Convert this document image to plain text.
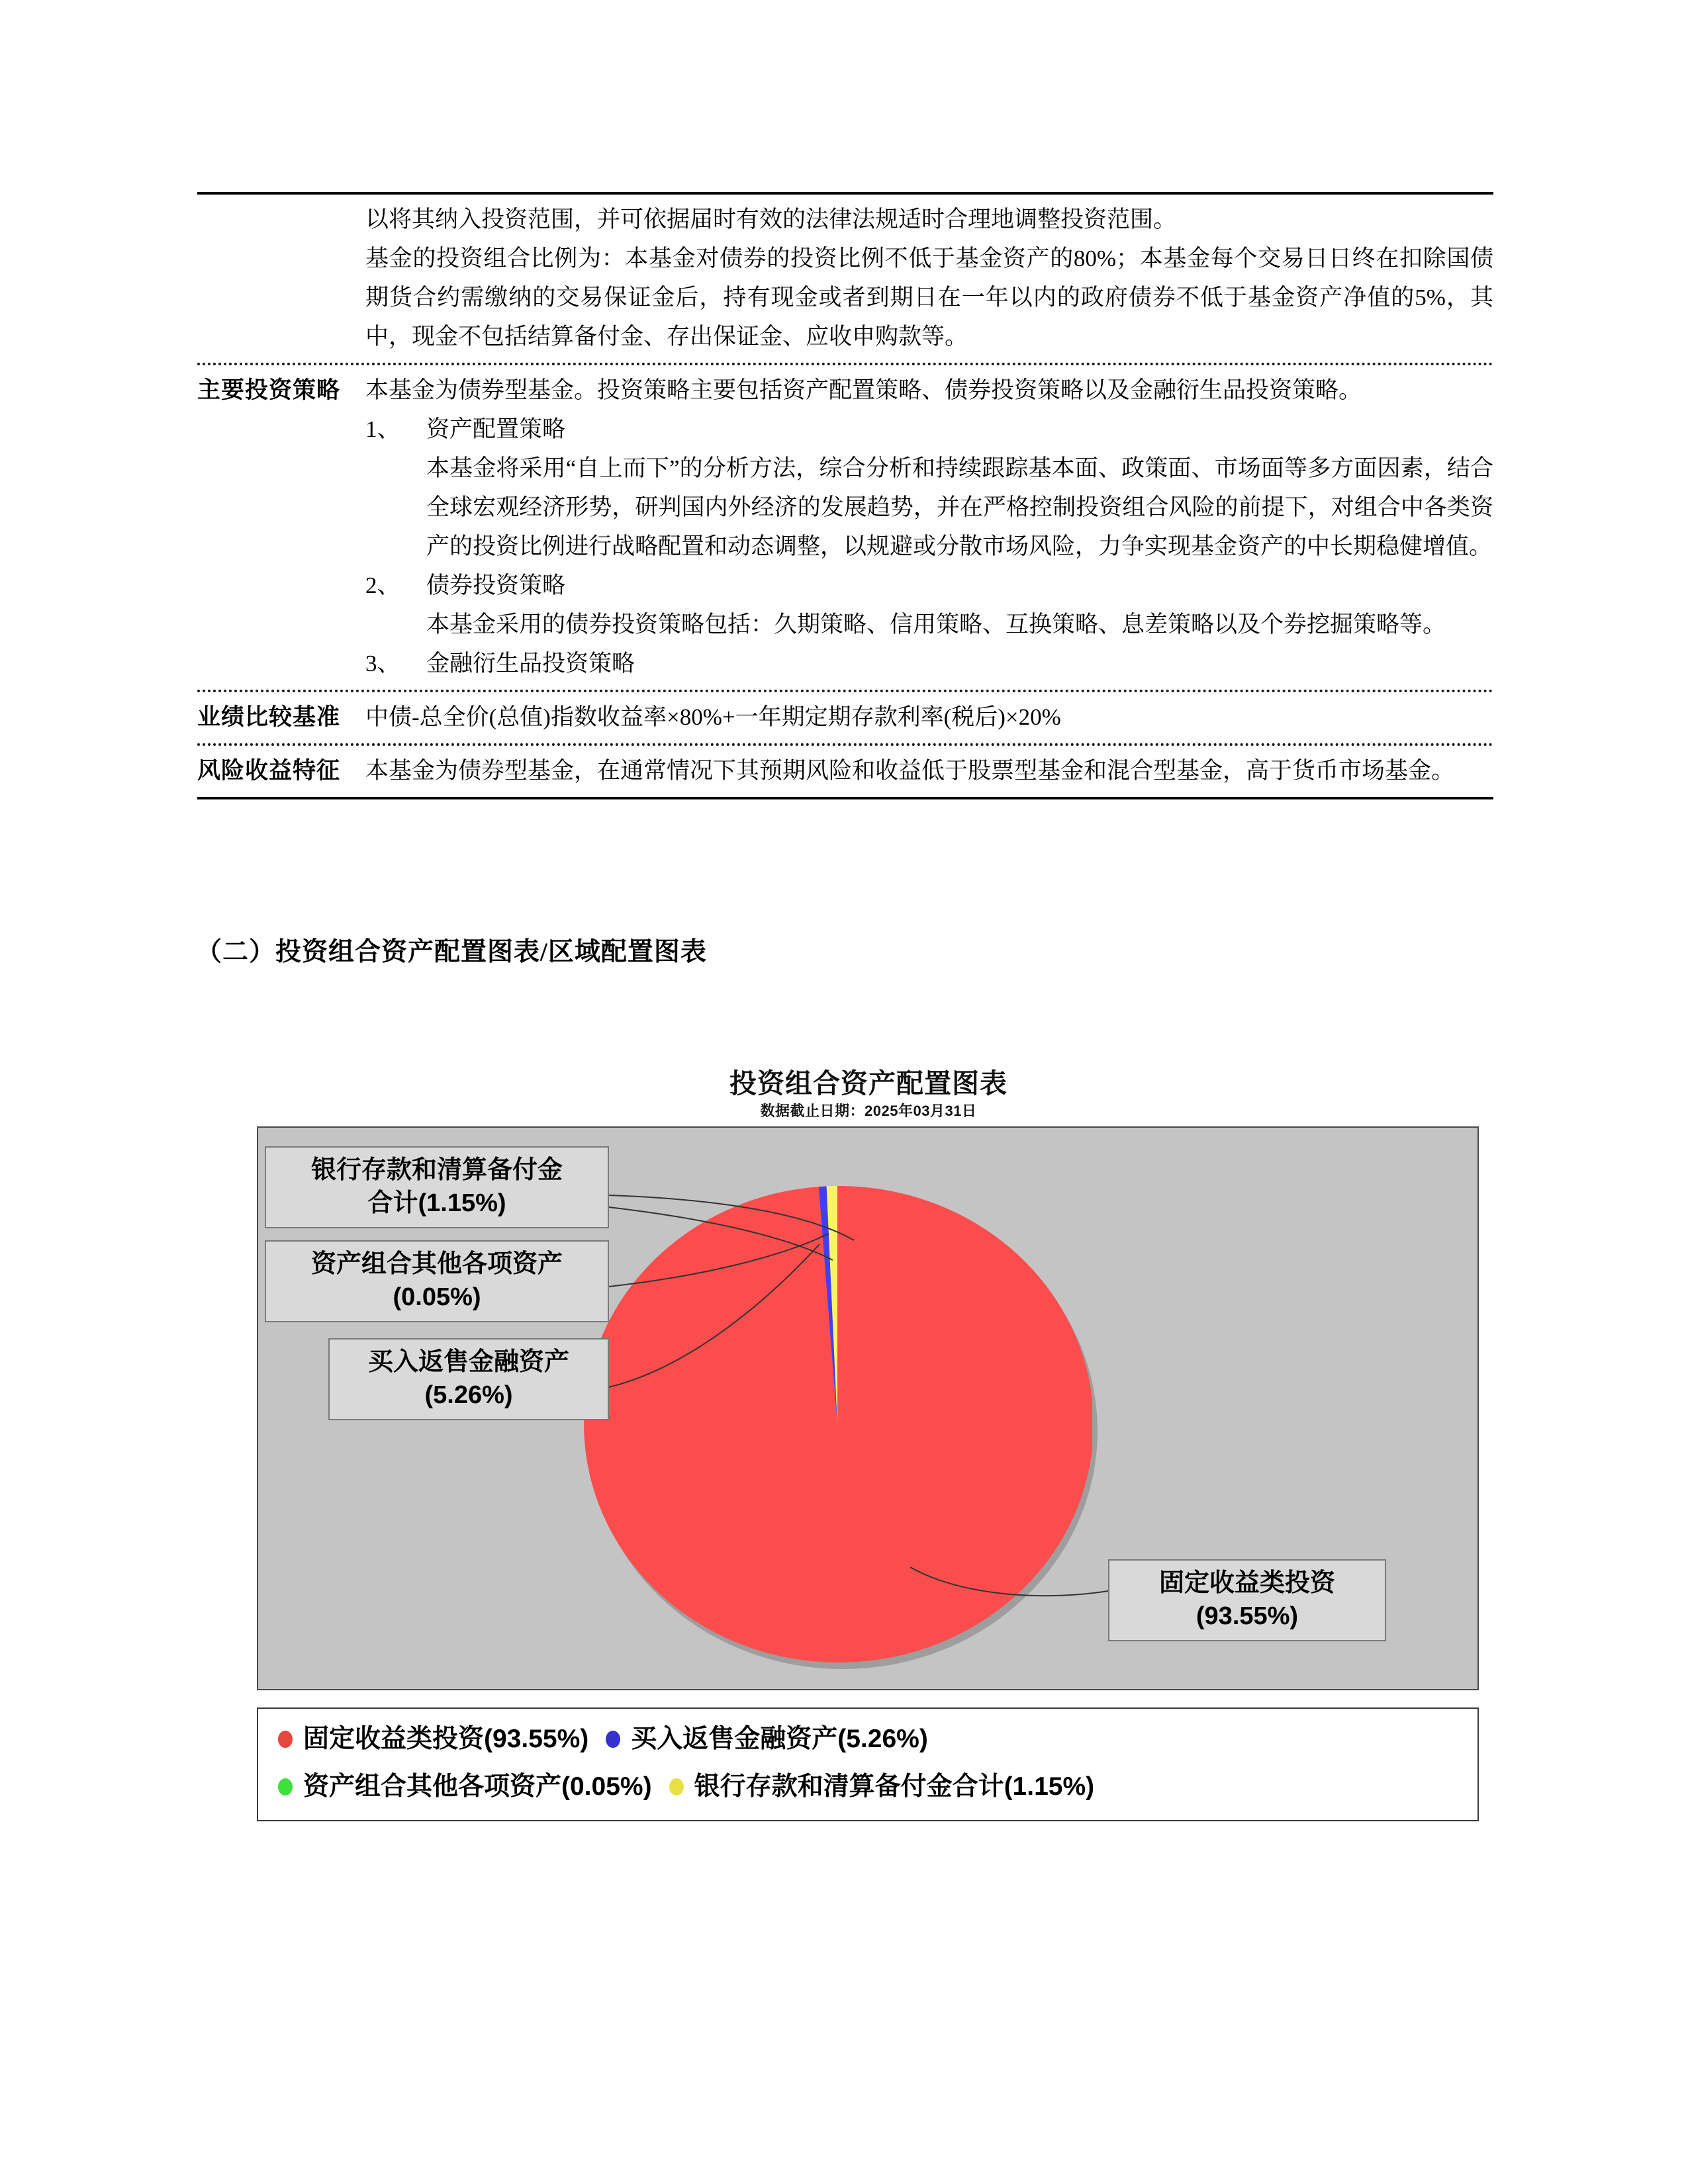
以将其纳入投资范围，并可依据届时有效的法律法规适时合理地调整投资范围。

基金的投资组合比例为：本基金对债券的投资比例不低于基金资产的80%；本基金每个交易日日终在扣除国债期货合约需缴纳的交易保证金后，持有现金或者到期日在一年以内的政府债券不低于基金资产净值的5%，其中，现金不包括结算备付金、存出保证金、应收申购款等。

主要投资策略	本基金为债券型基金。投资策略主要包括资产配置策略、债券投资策略以及金融衍生品投资策略。

1、	资产配置策略
本基金将采用“自上而下”的分析方法，综合分析和持续跟踪基本面、政策面、市场面等多方面因素，结合全球宏观经济形势，研判国内外经济的发展趋势，并在严格控制投资组合风险的前提下，对组合中各类资产的投资比例进行战略配置和动态调整，以规避或分散市场风险，力争实现基金资产的中长期稳健增值。
2、	债券投资策略
本基金采用的债券投资策略包括：久期策略、信用策略、互换策略、息差策略以及个券挖掘策略等。
3、	金融衍生品投资策略
业绩比较基准	中债-总全价(总值)指数收益率×80%+一年期定期存款利率(税后)×20%

风险收益特征	本基金为债券型基金，在通常情况下其预期风险和收益低于股票型基金和混合型基金，高于货币市场基金。

（二）投资组合资产配置图表/区域配置图表
投资组合资产配置图表
数据截止日期：2025年03月31日
银行存款和清算备付金
合计(1.15%)
资产组合其他各项资产
(0.05%)
买入返售金融资产
(5.26%)
固定收益类投资
(93.55%)
固定收益类投资(93.55%) 买入返售金融资产(5.26%)
资产组合其他各项资产(0.05%) 银行存款和清算备付金合计(1.15%)
